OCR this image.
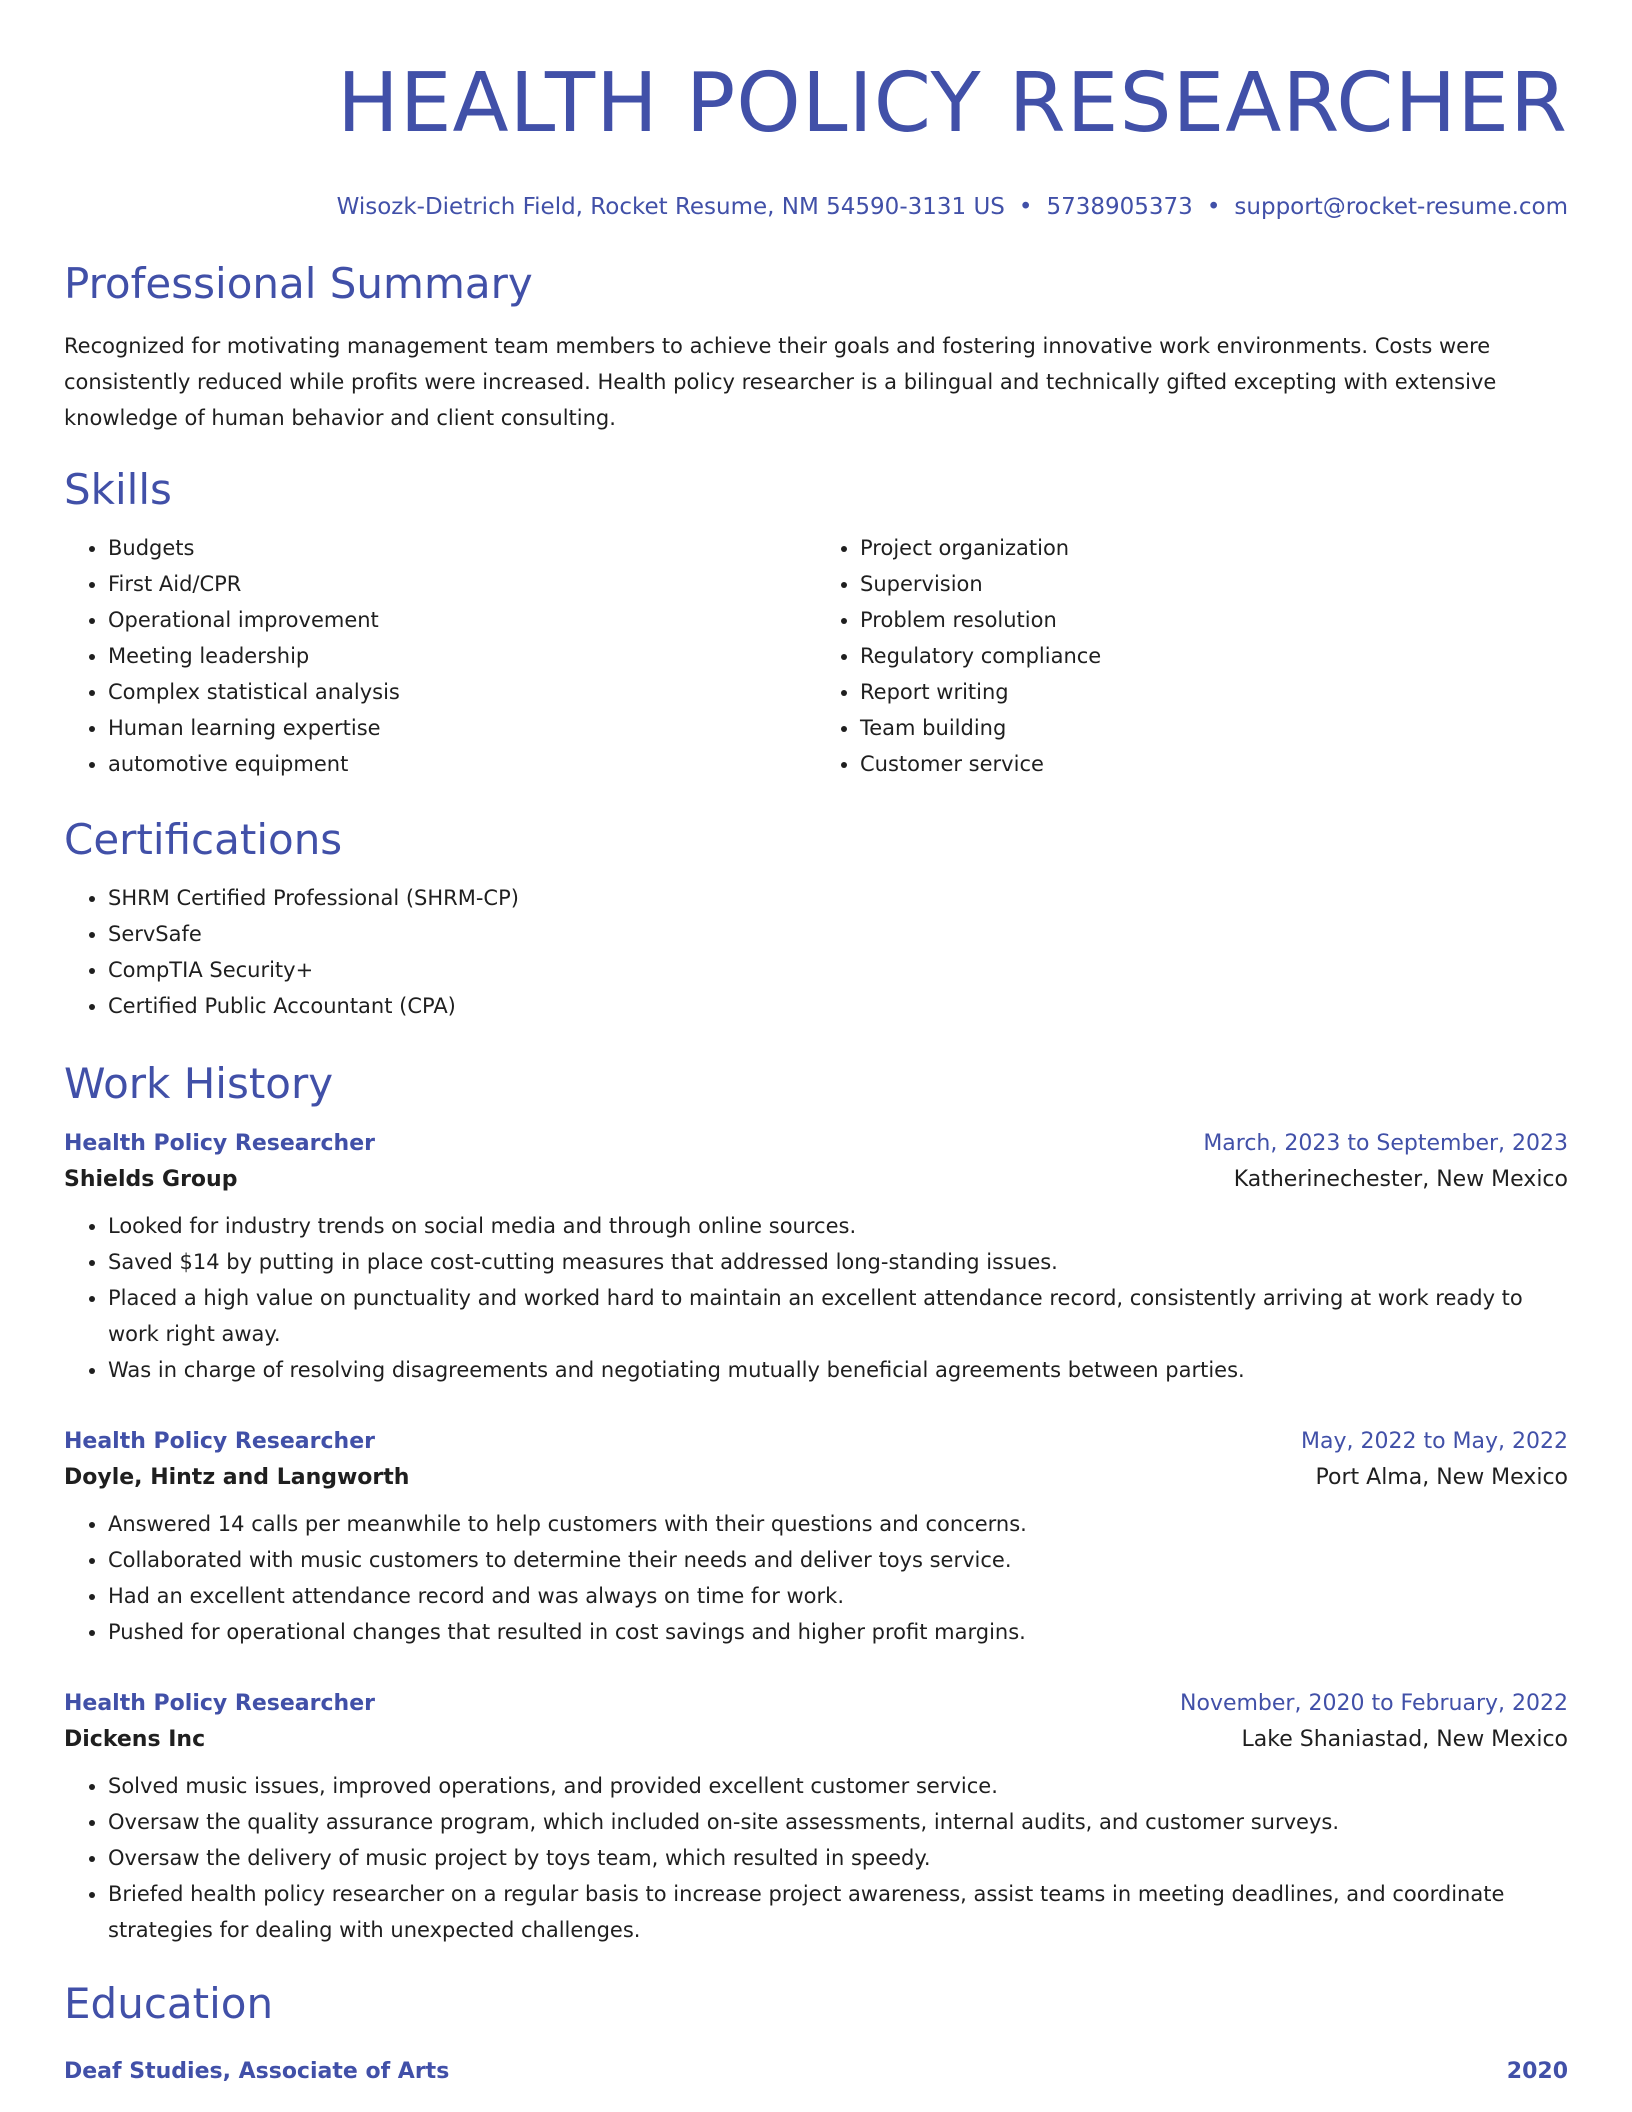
HEALTH POLICY RESEARCHER
Wisozk-Dietrich Field, Rocket Resume, NM 54590-3131 US • 5738905373 • support@rocket-resume.com
Professional Summary

Recognized for motivating management team members to achieve their goals and fostering innovative work environments. Costs were consistently reduced while profits were increased. Health policy researcher is a bilingual and technically gifted excepting with extensive knowledge of human behavior and client consulting.

Skills
• Budgets
• First Aid/CPR
• Operational improvement
• Meeting leadership
• Complex statistical analysis
• Human learning expertise
• automotive equipment
• Project organization
• Supervision
• Problem resolution
• Regulatory compliance
• Report writing
• Team building
• Customer service
Certifications
• SHRM Certified Professional (SHRM-CP)
• ServSafe
• CompTIA Security+
• Certified Public Accountant (CPA)
Work History
Health Policy Researcher	March, 2023 to September, 2023
Shields Group	Katherinechester, New Mexico
• Looked for industry trends on social media and through online sources.
• Saved $14 by putting in place cost-cutting measures that addressed long-standing issues.
• Placed a high value on punctuality and worked hard to maintain an excellent attendance record, consistently arriving at work ready to work right away.
• Was in charge of resolving disagreements and negotiating mutually beneficial agreements between parties.
Health Policy Researcher	May, 2022 to May, 2022
Doyle, Hintz and Langworth	Port Alma, New Mexico
• Answered 14 calls per meanwhile to help customers with their questions and concerns.
• Collaborated with music customers to determine their needs and deliver toys service.
• Had an excellent attendance record and was always on time for work.
• Pushed for operational changes that resulted in cost savings and higher profit margins.
Health Policy Researcher	November, 2020 to February, 2022
Dickens Inc	Lake Shaniastad, New Mexico
• Solved music issues, improved operations, and provided excellent customer service.
• Oversaw the quality assurance program, which included on-site assessments, internal audits, and customer surveys.
• Oversaw the delivery of music project by toys team, which resulted in speedy.
• Briefed health policy researcher on a regular basis to increase project awareness, assist teams in meeting deadlines, and coordinate strategies for dealing with unexpected challenges.
Education
Deaf Studies, Associate of Arts	2020
